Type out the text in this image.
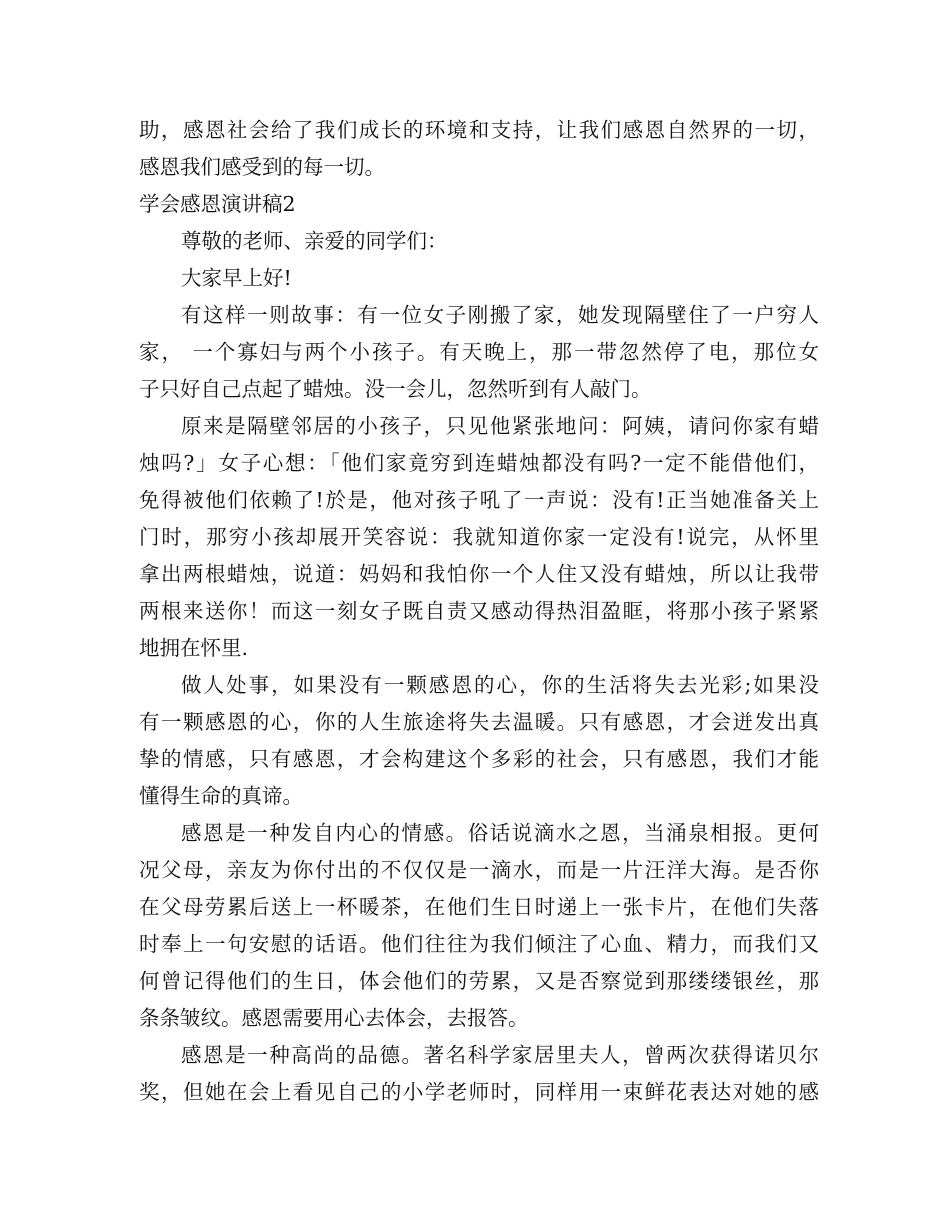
助，感恩社会给了我们成长的环境和支持，让我们感恩自然界的一切，
感恩我们感受到的每一切。
学会感恩演讲稿2
尊敬的老师、亲爱的同学们：
大家早上好!
有这样一则故事：有一位女子刚搬了家，她发现隔壁住了一户穷人
家， 一个寡妇与两个小孩子。有天晚上，那一带忽然停了电，那位女
子只好自己点起了蜡烛。没一会儿，忽然听到有人敲门。
原来是隔壁邻居的小孩子，只见他紧张地问：阿姨，请问你家有蜡
烛吗?」女子心想：「他们家竟穷到连蜡烛都没有吗?一定不能借他们，
免得被他们依赖了!於是，他对孩子吼了一声说：没有!正当她准备关上
门时，那穷小孩却展开笑容说：我就知道你家一定没有!说完，从怀里
拿出两根蜡烛，说道：妈妈和我怕你一个人住又没有蜡烛，所以让我带
两根来送你！而这一刻女子既自责又感动得热泪盈眶，将那小孩子紧紧
地拥在怀里.
做人处事，如果没有一颗感恩的心，你的生活将失去光彩;如果没
有一颗感恩的心，你的人生旅途将失去温暖。只有感恩，才会迸发出真
挚的情感，只有感恩，才会构建这个多彩的社会，只有感恩，我们才能
懂得生命的真谛。
感恩是一种发自内心的情感。俗话说滴水之恩，当涌泉相报。更何
况父母，亲友为你付出的不仅仅是一滴水，而是一片汪洋大海。是否你
在父母劳累后送上一杯暖茶，在他们生日时递上一张卡片，在他们失落
时奉上一句安慰的话语。他们往往为我们倾注了心血、精力，而我们又
何曾记得他们的生日，体会他们的劳累，又是否察觉到那缕缕银丝，那
条条皱纹。感恩需要用心去体会，去报答。
感恩是一种高尚的品德。著名科学家居里夫人，曾两次获得诺贝尔
奖，但她在会上看见自己的小学老师时，同样用一束鲜花表达对她的感
